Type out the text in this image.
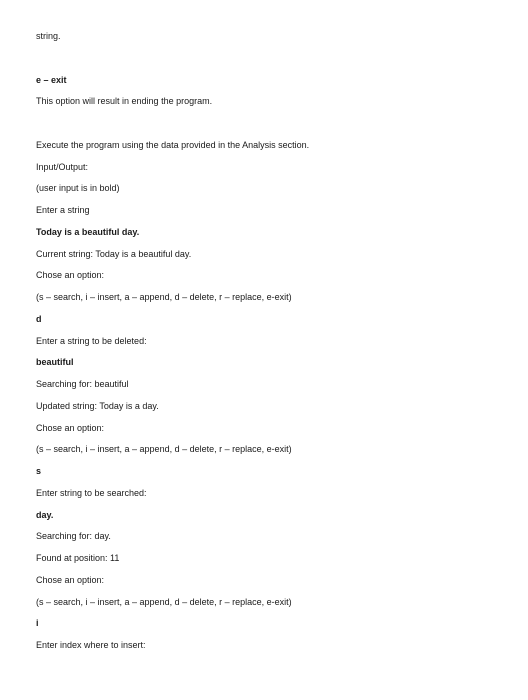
string.
e – exit
This option will result in ending the program.
Execute the program using the data provided in the Analysis section.
Input/Output:
(user input is in bold)
Enter a string
Today is a beautiful day.
Current string: Today is a beautiful day.
Chose an option:
(s – search, i – insert, a – append, d – delete, r – replace, e-exit)
d
Enter a string to be deleted:
beautiful
Searching for: beautiful
Updated string: Today is a day.
Chose an option:
(s – search, i – insert, a – append, d – delete, r – replace, e-exit)
s
Enter string to be searched:
day.
Searching for: day.
Found at position: 11
Chose an option:
(s – search, i – insert, a – append, d – delete, r – replace, e-exit)
i
Enter index where to insert:
